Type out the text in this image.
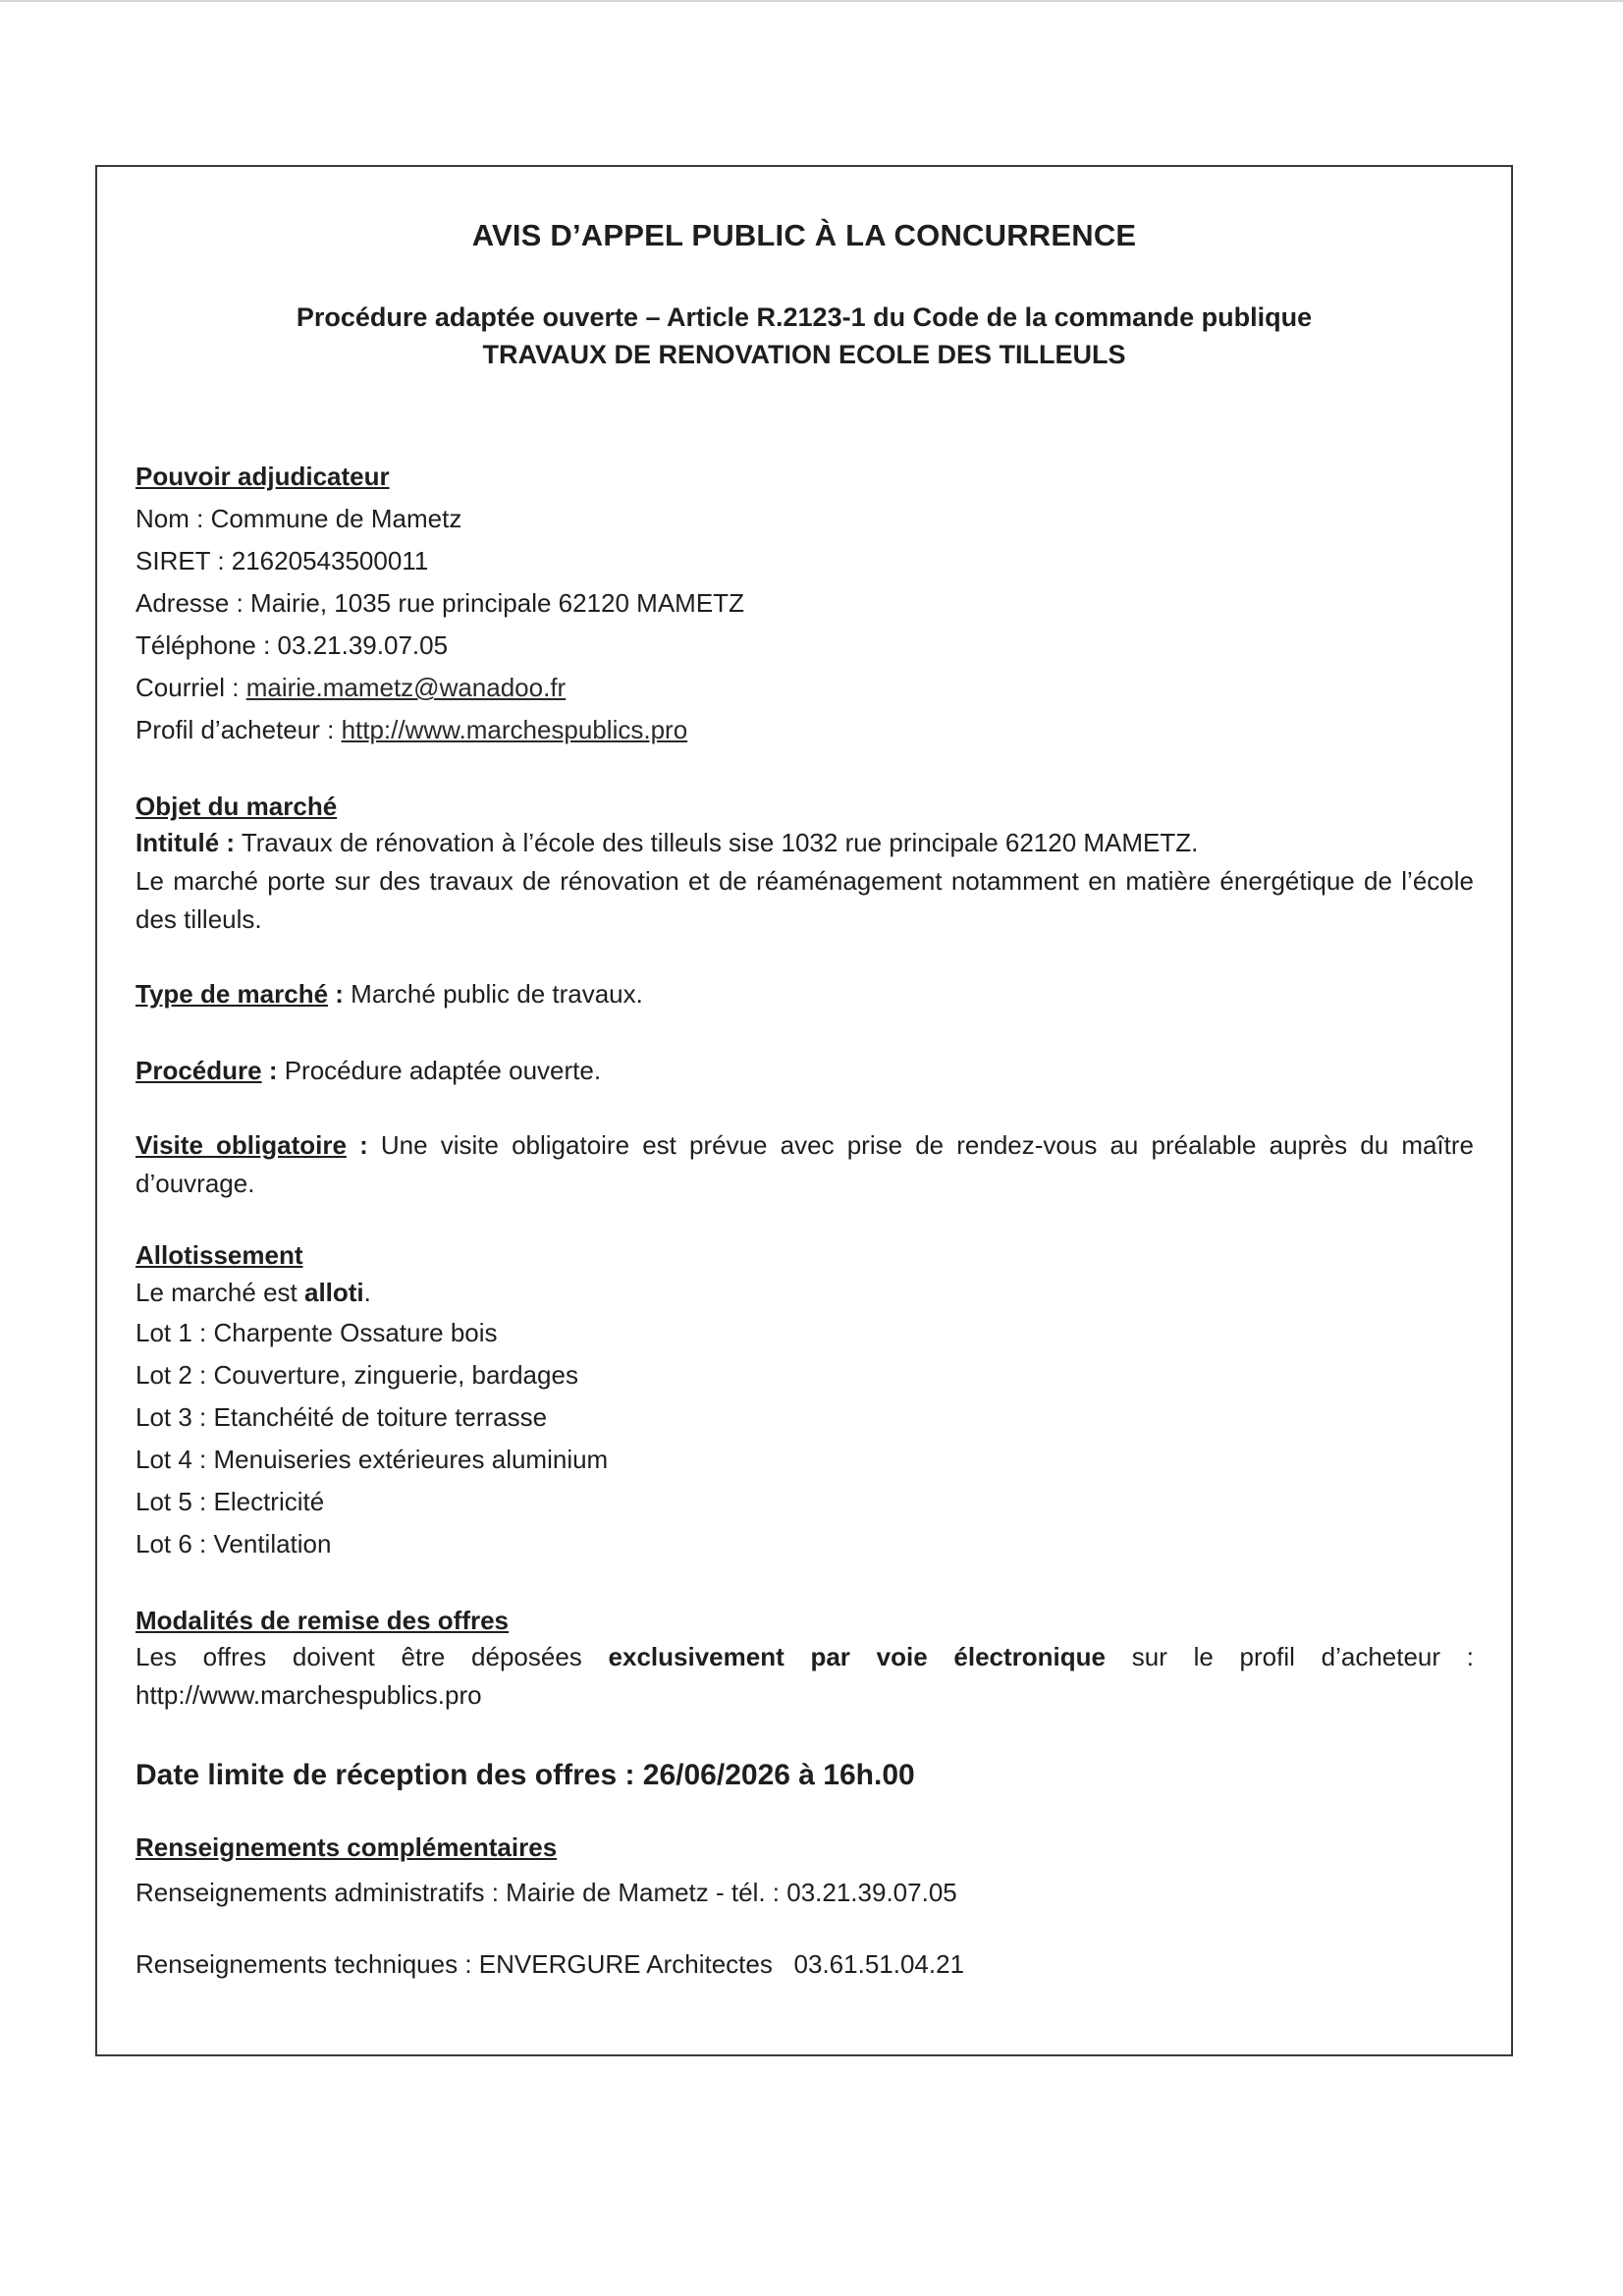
AVIS D’APPEL PUBLIC À LA CONCURRENCE
Procédure adaptée ouverte – Article R.2123-1 du Code de la commande publique
TRAVAUX DE RENOVATION ECOLE DES TILLEULS

Pouvoir adjudicateur

Nom : Commune de Mametz

SIRET : 21620543500011

Adresse : Mairie, 1035 rue principale 62120 MAMETZ

Téléphone : 03.21.39.07.05

Courriel : mairie.mametz@wanadoo.fr

Profil d’acheteur : http://www.marchespublics.pro

Objet du marché

Intitulé : Travaux de rénovation à l’école des tilleuls sise 1032 rue principale 62120 MAMETZ.

Le marché porte sur des travaux de rénovation et de réaménagement notamment en matière énergétique de l’école des tilleuls.

Type de marché : Marché public de travaux.

Procédure : Procédure adaptée ouverte.

Visite obligatoire : Une visite obligatoire est prévue avec prise de rendez-vous au préalable auprès du maître d’ouvrage.

Allotissement

Le marché est alloti.

Lot 1 : Charpente Ossature bois

Lot 2 : Couverture, zinguerie, bardages

Lot 3 : Etanchéité de toiture terrasse

Lot 4 : Menuiseries extérieures aluminium

Lot 5 : Electricité

Lot 6 : Ventilation

Modalités de remise des offres

Les offres doivent être déposées exclusivement par voie électronique sur le profil d’acheteur : http://www.marchespublics.pro

Date limite de réception des offres : 26/06/2026 à 16h.00

Renseignements complémentaires

Renseignements administratifs : Mairie de Mametz - tél. : 03.21.39.07.05

Renseignements techniques : ENVERGURE Architectes   03.61.51.04.21
